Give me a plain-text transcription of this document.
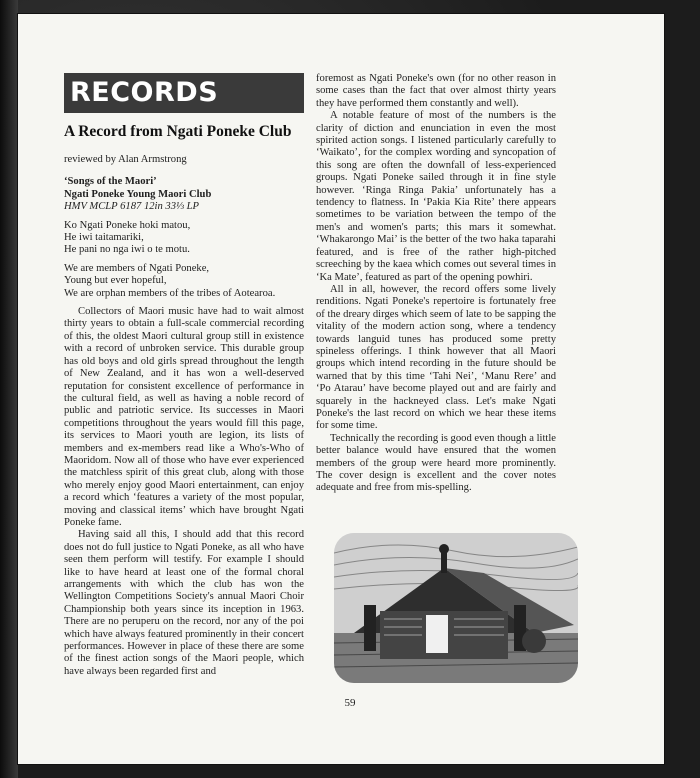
RECORDS
A Record from Ngati Poneke Club
reviewed by Alan Armstrong
‘Songs of the Maori’
Ngati Poneke Young Maori Club
HMV MCLP 6187 12in 33⅓ LP
Ko Ngati Poneke hoki matou,
He iwi taitamariki,
He pani no nga iwi o te motu.
We are members of Ngati Poneke,
Young but ever hopeful,
We are orphan members of the tribes of Aotearoa.

Collectors of Maori music have had to wait almost thirty years to obtain a full-scale commercial recording of this, the oldest Maori cultural group still in existence with a record of unbroken service. This durable group has old boys and old girls spread throughout the length of New Zealand, and it has won a well-deserved reputation for consistent excellence of performance in the cultural field, as well as having a noble record of public and patriotic service. Its successes in Maori competitions throughout the years would fill this page, its services to Maori youth are legion, its lists of members and ex-members read like a Who's-Who of Maoridom. Now all of those who have ever experienced the matchless spirit of this great club, along with those who merely enjoy good Maori entertainment, can enjoy a record which ‘features a variety of the most popular, moving and classical items’ which have brought Ngati Poneke fame.

Having said all this, I should add that this record does not do full justice to Ngati Poneke, as all who have seen them perform will testify. For example I should like to have heard at least one of the formal choral arrangements with which the club has won the Wellington Competitions Society's annual Maori Choir Championship both years since its inception in 1963. There are no peruperu on the record, nor any of the poi which have always featured prominently in their concert performances. However in place of these there are some of the finest action songs of the Maori people, which have always been regarded first and

foremost as Ngati Poneke's own (for no other reason in some cases than the fact that over almost thirty years they have performed them constantly and well).

A notable feature of most of the numbers is the clarity of diction and enunciation in even the most spirited action songs. I listened particularly carefully to ‘Waikato’, for the complex wording and syncopation of this song are often the downfall of less-experienced groups. Ngati Poneke sailed through it in fine style however. ‘Ringa Ringa Pakia’ unfortunately has a tendency to flatness. In ‘Pakia Kia Rite’ there appears sometimes to be variation between the tempo of the men's and women's parts; this mars it somewhat. ‘Whakarongo Mai’ is the better of the two haka taparahi featured, and is free of the rather high-pitched screeching by the kaea which comes out several times in ‘Ka Mate’, featured as part of the opening powhiri.

All in all, however, the record offers some lively renditions. Ngati Poneke's repertoire is fortunately free of the dreary dirges which seem of late to be sapping the vitality of the modern action song, where a tendency towards languid tunes has produced some pretty spineless offerings. I think however that all Maori groups which intend recording in the future should be warned that by this time ‘Tahi Nei’, ‘Manu Rere’ and ‘Po Atarau’ have become played out and are fairly and squarely in the hackneyed class. Let's make Ngati Poneke's the last record on which we hear these items for some time.

Technically the recording is good even though a little better balance would have ensured that the women members of the group were heard more prominently. The cover design is excellent and the cover notes adequate and free from mis-spelling.

59
